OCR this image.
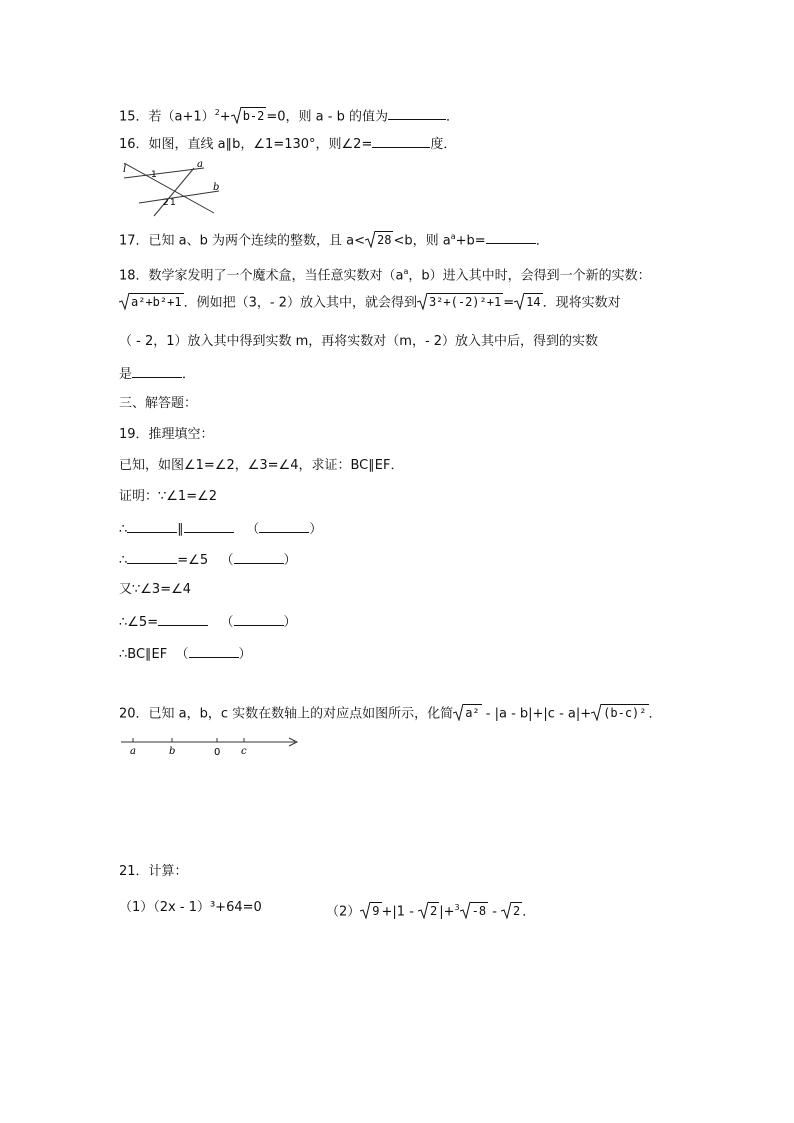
15．若$(a+1)^2+ b-2 =0$，则 a - b 的值为	．
16．如图，直线 a∥b，∠1=130°，则∠2=	度．
l	a
b
1
2 1
17．已知 a、b 为两个连续的整数，且 a< 28 <b，则 $a^a+b=$	．
18．数学家发明了一个魔术盒，当任意实数对（$a^a$，b）进入其中时，会得到一个新的实数：
a²+b²+1 ．例如把（3，- 2）放入其中，就会得到 3²+(-2)²+1 = 14 ．现将实数对
（ - 2，1）放入其中得到实数 m，再将实数对（m，- 2）放入其中后，得到的实数
是	．
三、解答题：
19．推理填空：
已知，如图∠1=∠2，∠3=∠4，求证：BC∥EF．
证明：∵∠1=∠2
∴	∥	（	）
∴	=∠5 （	）
又∵∠3=∠4
∴∠5=	（	）
∴BC∥EF （	）
20．已知 a，b，c 实数在数轴上的对应点如图所示，化简 a² - |a - b|+|c - a|+ (b-c)² ．
a	b	0 c
21．计算：
（1）（2x - 1）³+64=0	（2） 9 +|1 -
2 |+$^3$ -8 -
2 ．
